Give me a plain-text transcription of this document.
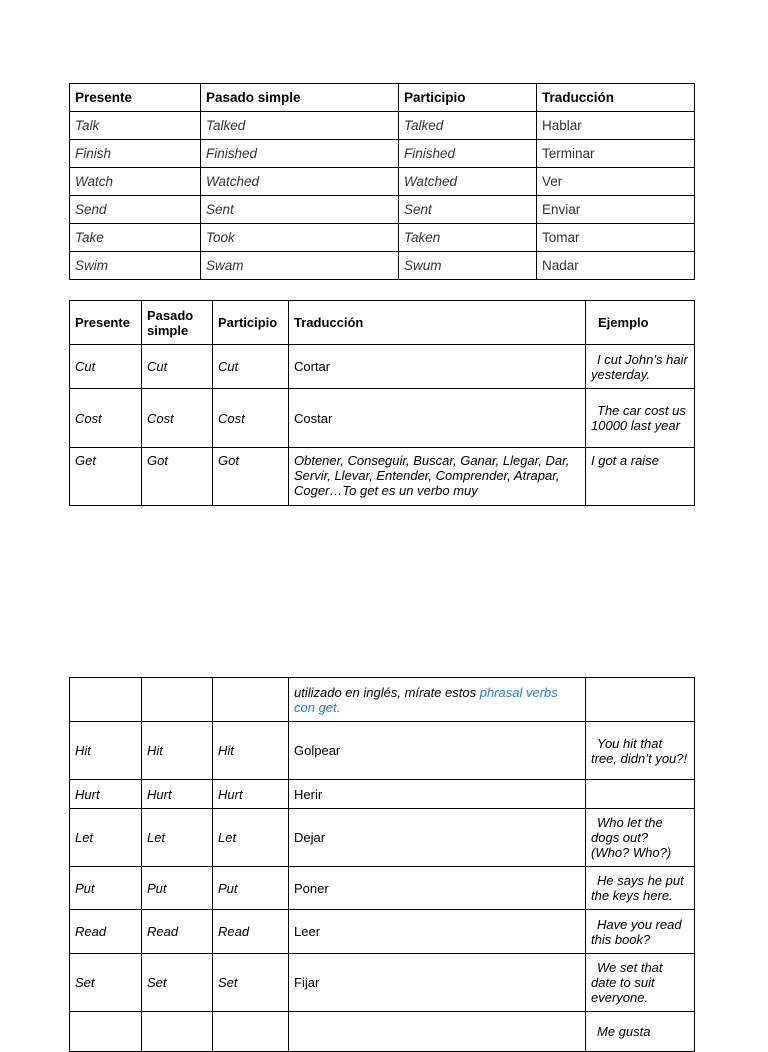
Presente	Pasado simple	Participio	Traducción
Talk	Talked	Talked	Hablar
Finish	Finished	Finished	Terminar
Watch	Watched	Watched	Ver
Send	Sent	Sent	Enviar
Take	Took	Taken	Tomar
Swim	Swam	Swum	Nadar
Presente	Pasado simple	Participio	Traducción	Ejemplo
Cut	Cut	Cut	Cortar	I cut John’s hair yesterday.
Cost	Cost	Cost	Costar	The car cost us 10000 last year
Get	Got	Got	Obtener, Conseguir, Buscar, Ganar, Llegar, Dar, Servir, Llevar, Entender, Comprender, Atrapar, Coger…To get es un verbo muy	I got a raise
			utilizado en inglés, mírate estos phrasal verbs con get.	
Hit	Hit	Hit	Golpear	You hit that tree, didn’t you?!
Hurt	Hurt	Hurt	Herir	
Let	Let	Let	Dejar	Who let the dogs out? (Who? Who?)
Put	Put	Put	Poner	He says he put the keys here.
Read	Read	Read	Leer	Have you read this book?
Set	Set	Set	Fijar	We set that date to suit everyone.
				Me gusta
